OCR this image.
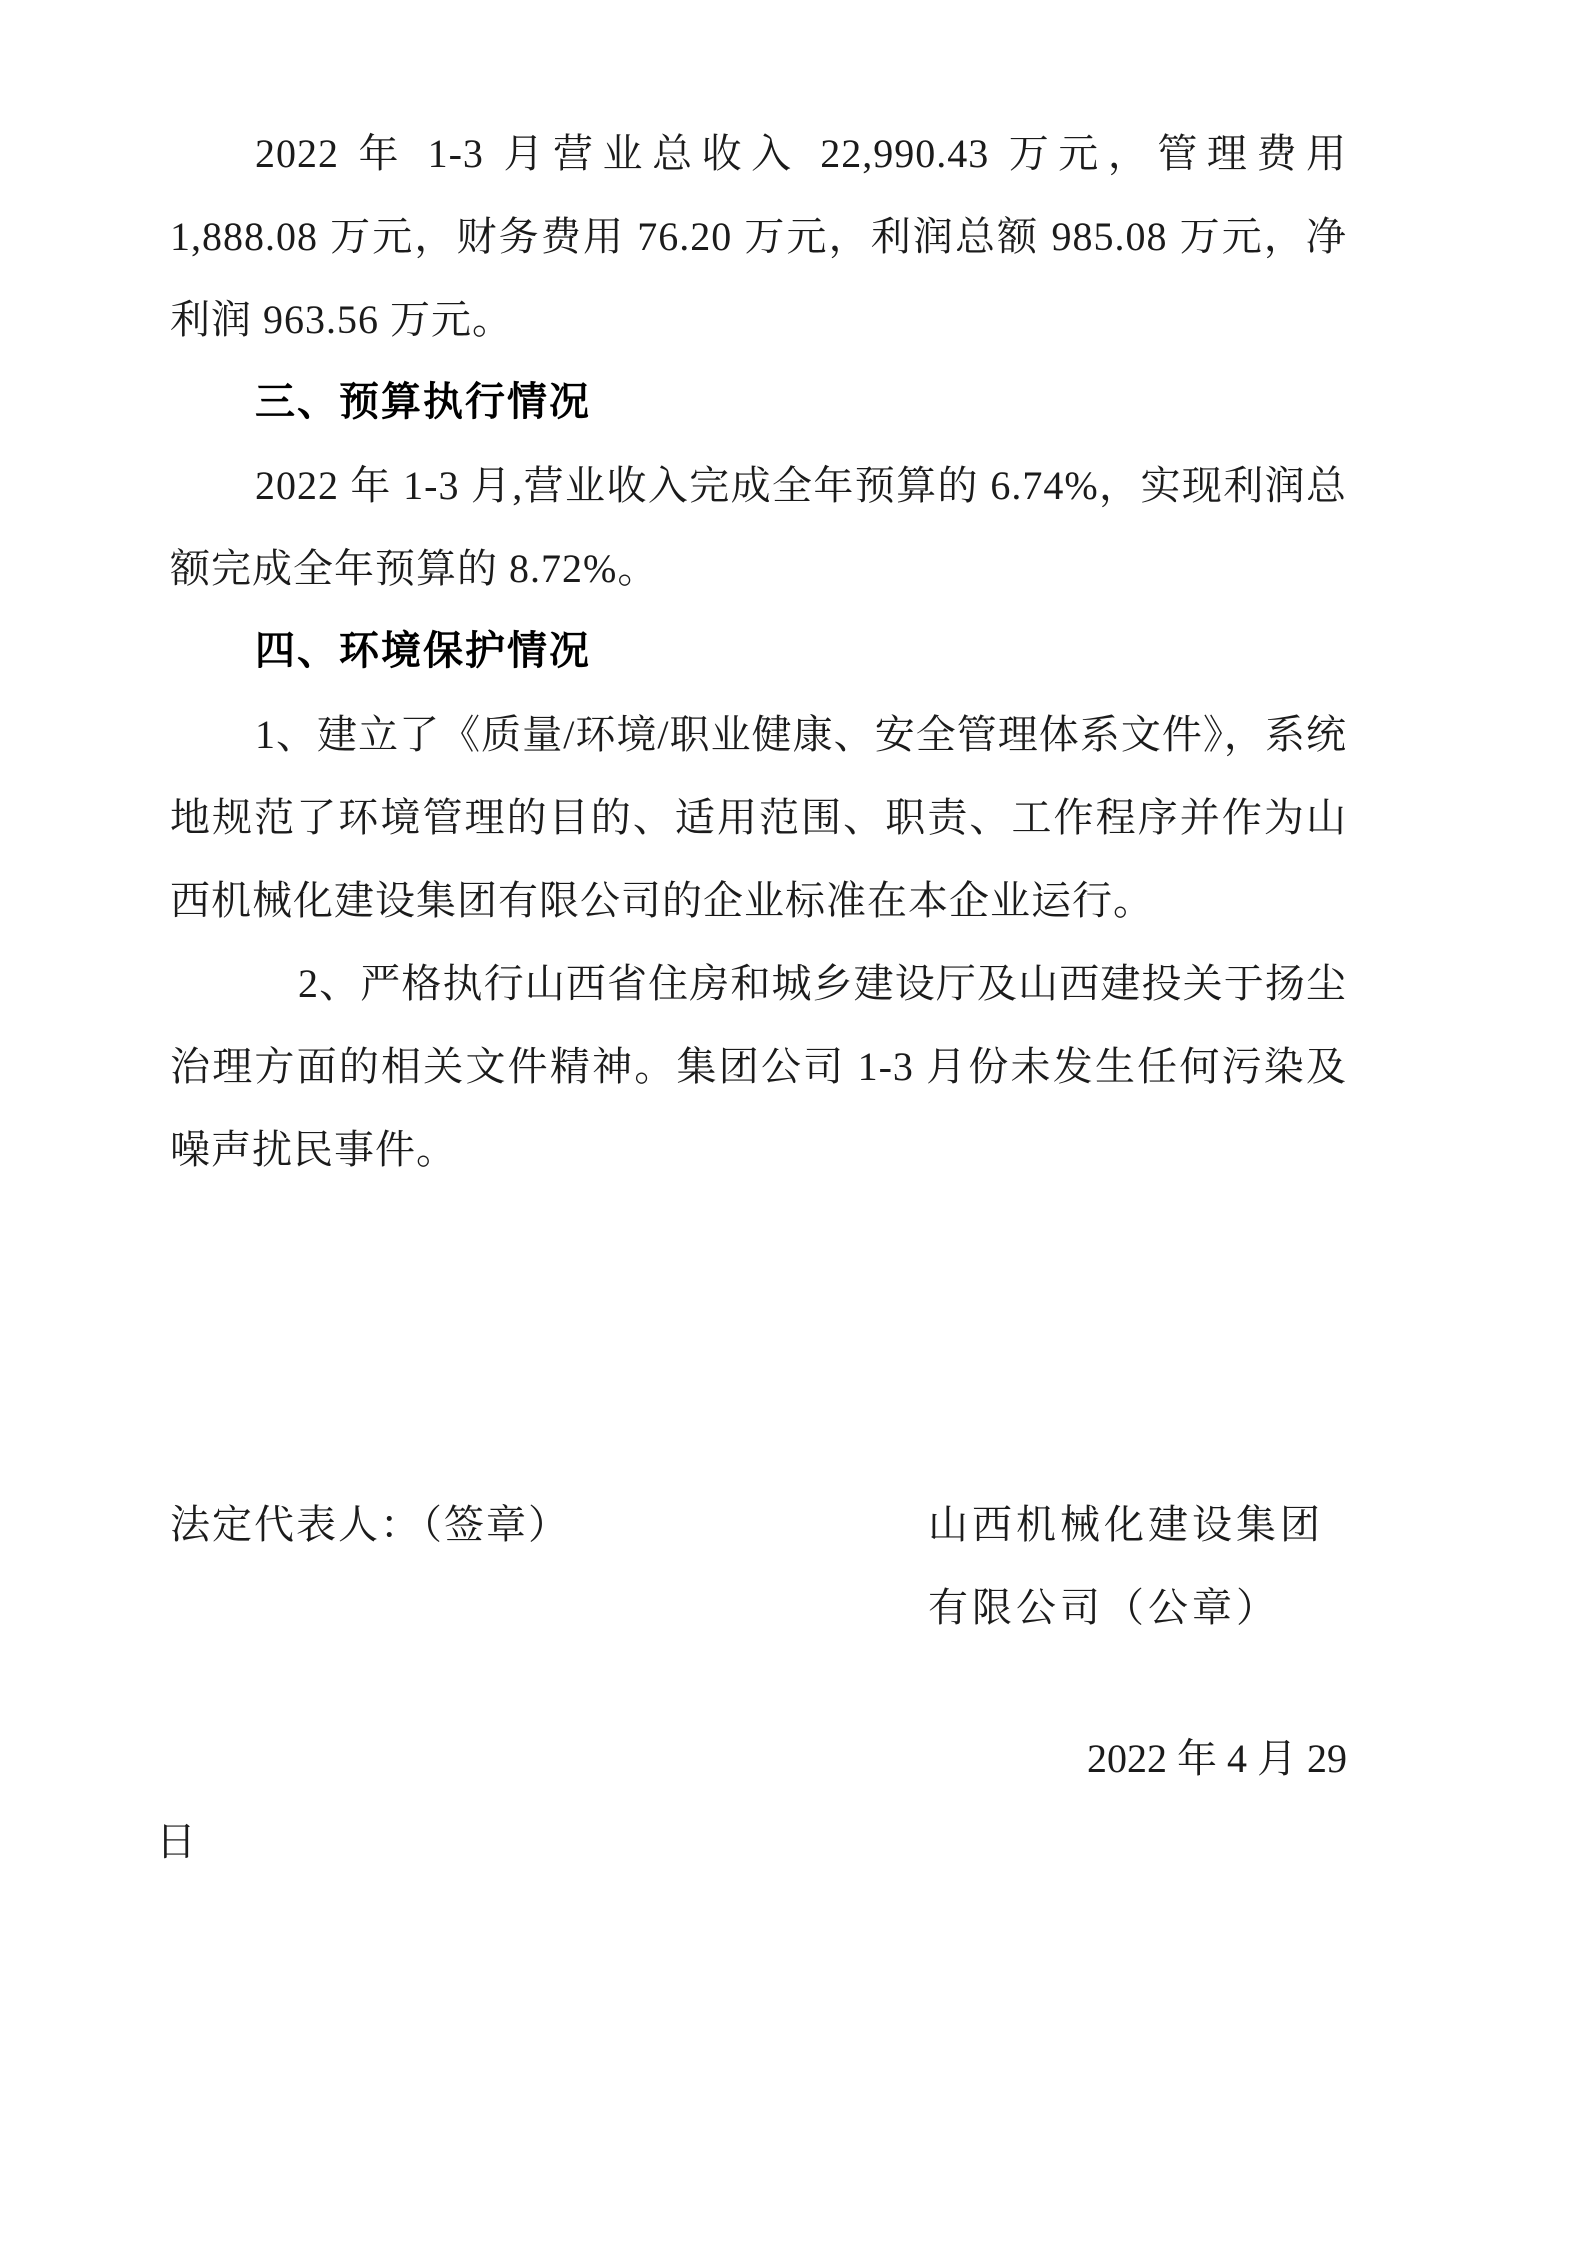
2022 年 1-3 月营业总收入 22,990.43 万元，管理费用 1,888.08 万元，财务费用 76.20 万元，利润总额 985.08 万元，净利润 963.56 万元。

三、预算执行情况

2022 年 1-3 月,营业收入完成全年预算的 6.74%，实现利润总额完成全年预算的 8.72%。

四、环境保护情况

1、建立了《质量/环境/职业健康、安全管理体系文件》，系统地规范了环境管理的目的、适用范围、职责、工作程序并作为山西机械化建设集团有限公司的企业标准在本企业运行。

2、严格执行山西省住房和城乡建设厅及山西建投关于扬尘治理方面的相关文件精神。集团公司 1-3 月份未发生任何污染及噪声扰民事件。

法定代表人：（签章）	山西机械化建设集团
有限公司（公章）
2022 年 4 月 29
日
